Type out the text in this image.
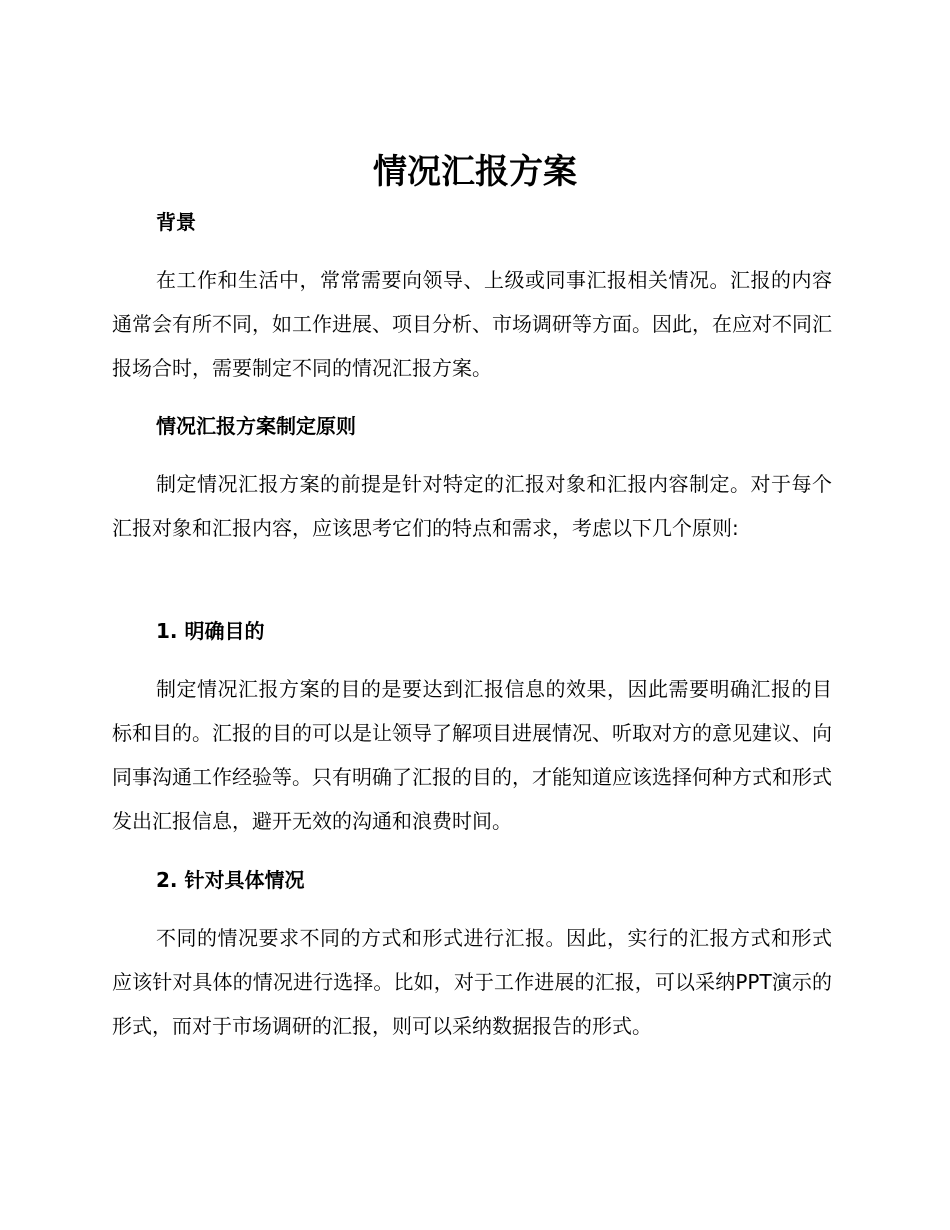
情况汇报方案
背景

在工作和生活中，常常需要向领导、上级或同事汇报相关情况。汇报的内容通常会有所不同，如工作进展、项目分析、市场调研等方面。因此，在应对不同汇报场合时，需要制定不同的情况汇报方案。

情况汇报方案制定原则

制定情况汇报方案的前提是针对特定的汇报对象和汇报内容制定。对于每个汇报对象和汇报内容，应该思考它们的特点和需求，考虑以下几个原则:

1. 明确目的

制定情况汇报方案的目的是要达到汇报信息的效果，因此需要明确汇报的目标和目的。汇报的目的可以是让领导了解项目进展情况、听取对方的意见建议、向同事沟通工作经验等。只有明确了汇报的目的，才能知道应该选择何种方式和形式发出汇报信息，避开无效的沟通和浪费时间。

2. 针对具体情况

不同的情况要求不同的方式和形式进行汇报。因此，实行的汇报方式和形式应该针对具体的情况进行选择。比如，对于工作进展的汇报，可以采纳PPT演示的形式，而对于市场调研的汇报，则可以采纳数据报告的形式。
